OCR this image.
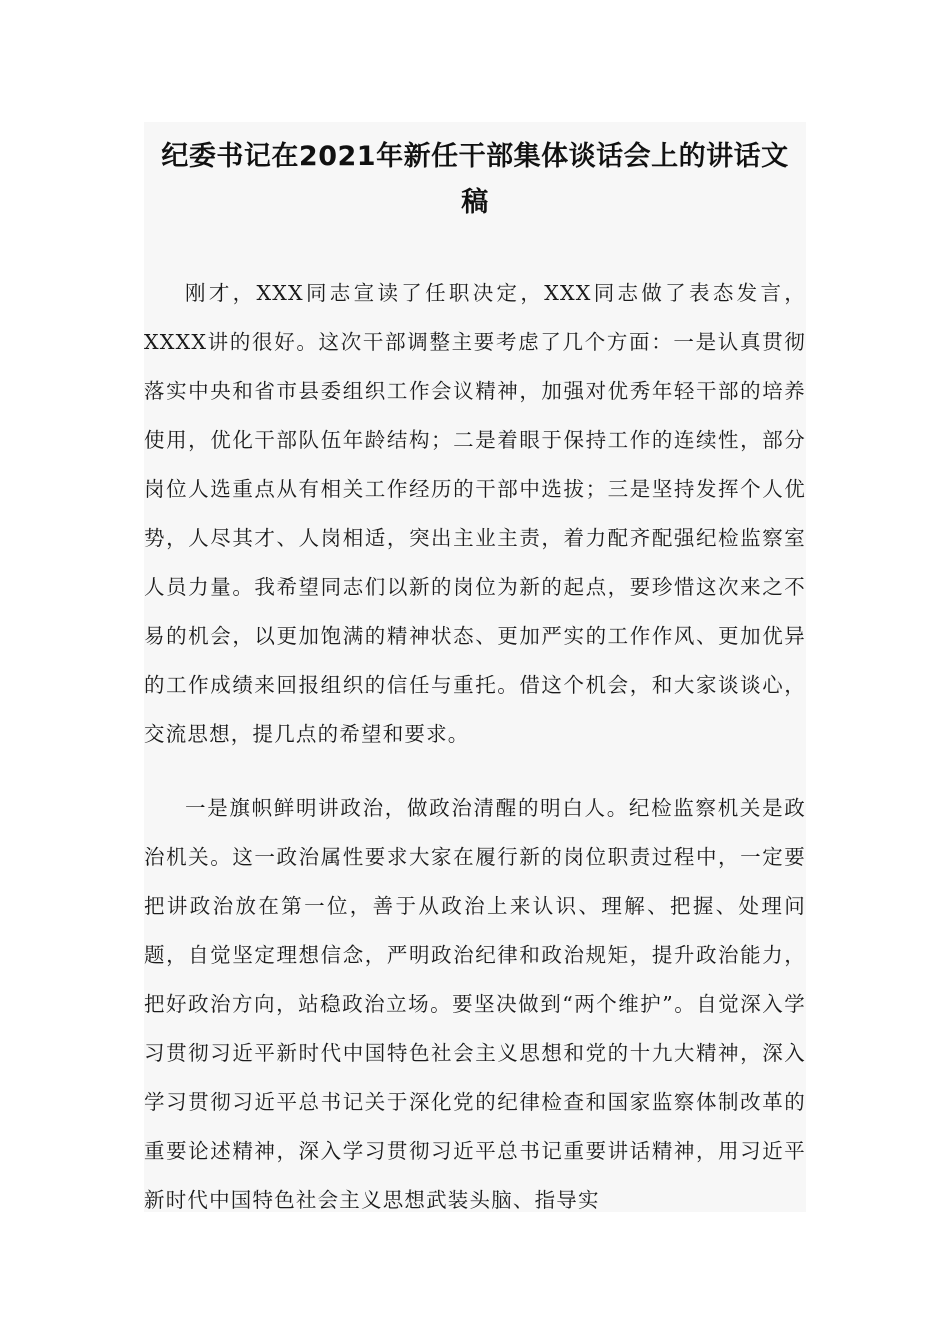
纪委书记在2021年新任干部集体谈话会上的讲话文稿

刚才，XXX同志宣读了任职决定，XXX同志做了表态发言，XXXX讲的很好。这次干部调整主要考虑了几个方面：一是认真贯彻落实中央和省市县委组织工作会议精神，加强对优秀年轻干部的培养使用，优化干部队伍年龄结构；二是着眼于保持工作的连续性，部分岗位人选重点从有相关工作经历的干部中选拔；三是坚持发挥个人优势，人尽其才、人岗相适，突出主业主责，着力配齐配强纪检监察室人员力量。我希望同志们以新的岗位为新的起点，要珍惜这次来之不易的机会，以更加饱满的精神状态、更加严实的工作作风、更加优异的工作成绩来回报组织的信任与重托。借这个机会，和大家谈谈心，交流思想，提几点的希望和要求。

一是旗帜鲜明讲政治，做政治清醒的明白人。纪检监察机关是政治机关。这一政治属性要求大家在履行新的岗位职责过程中，一定要把讲政治放在第一位，善于从政治上来认识、理解、把握、处理问题，自觉坚定理想信念，严明政治纪律和政治规矩，提升政治能力，把好政治方向，站稳政治立场。要坚决做到“两个维护”。自觉深入学习贯彻习近平新时代中国特色社会主义思想和党的十九大精神，深入学习贯彻习近平总书记关于深化党的纪律检查和国家监察体制改革的重要论述精神，深入学习贯彻习近平总书记重要讲话精神，用习近平新时代中国特色社会主义思想武装头脑、指导实
